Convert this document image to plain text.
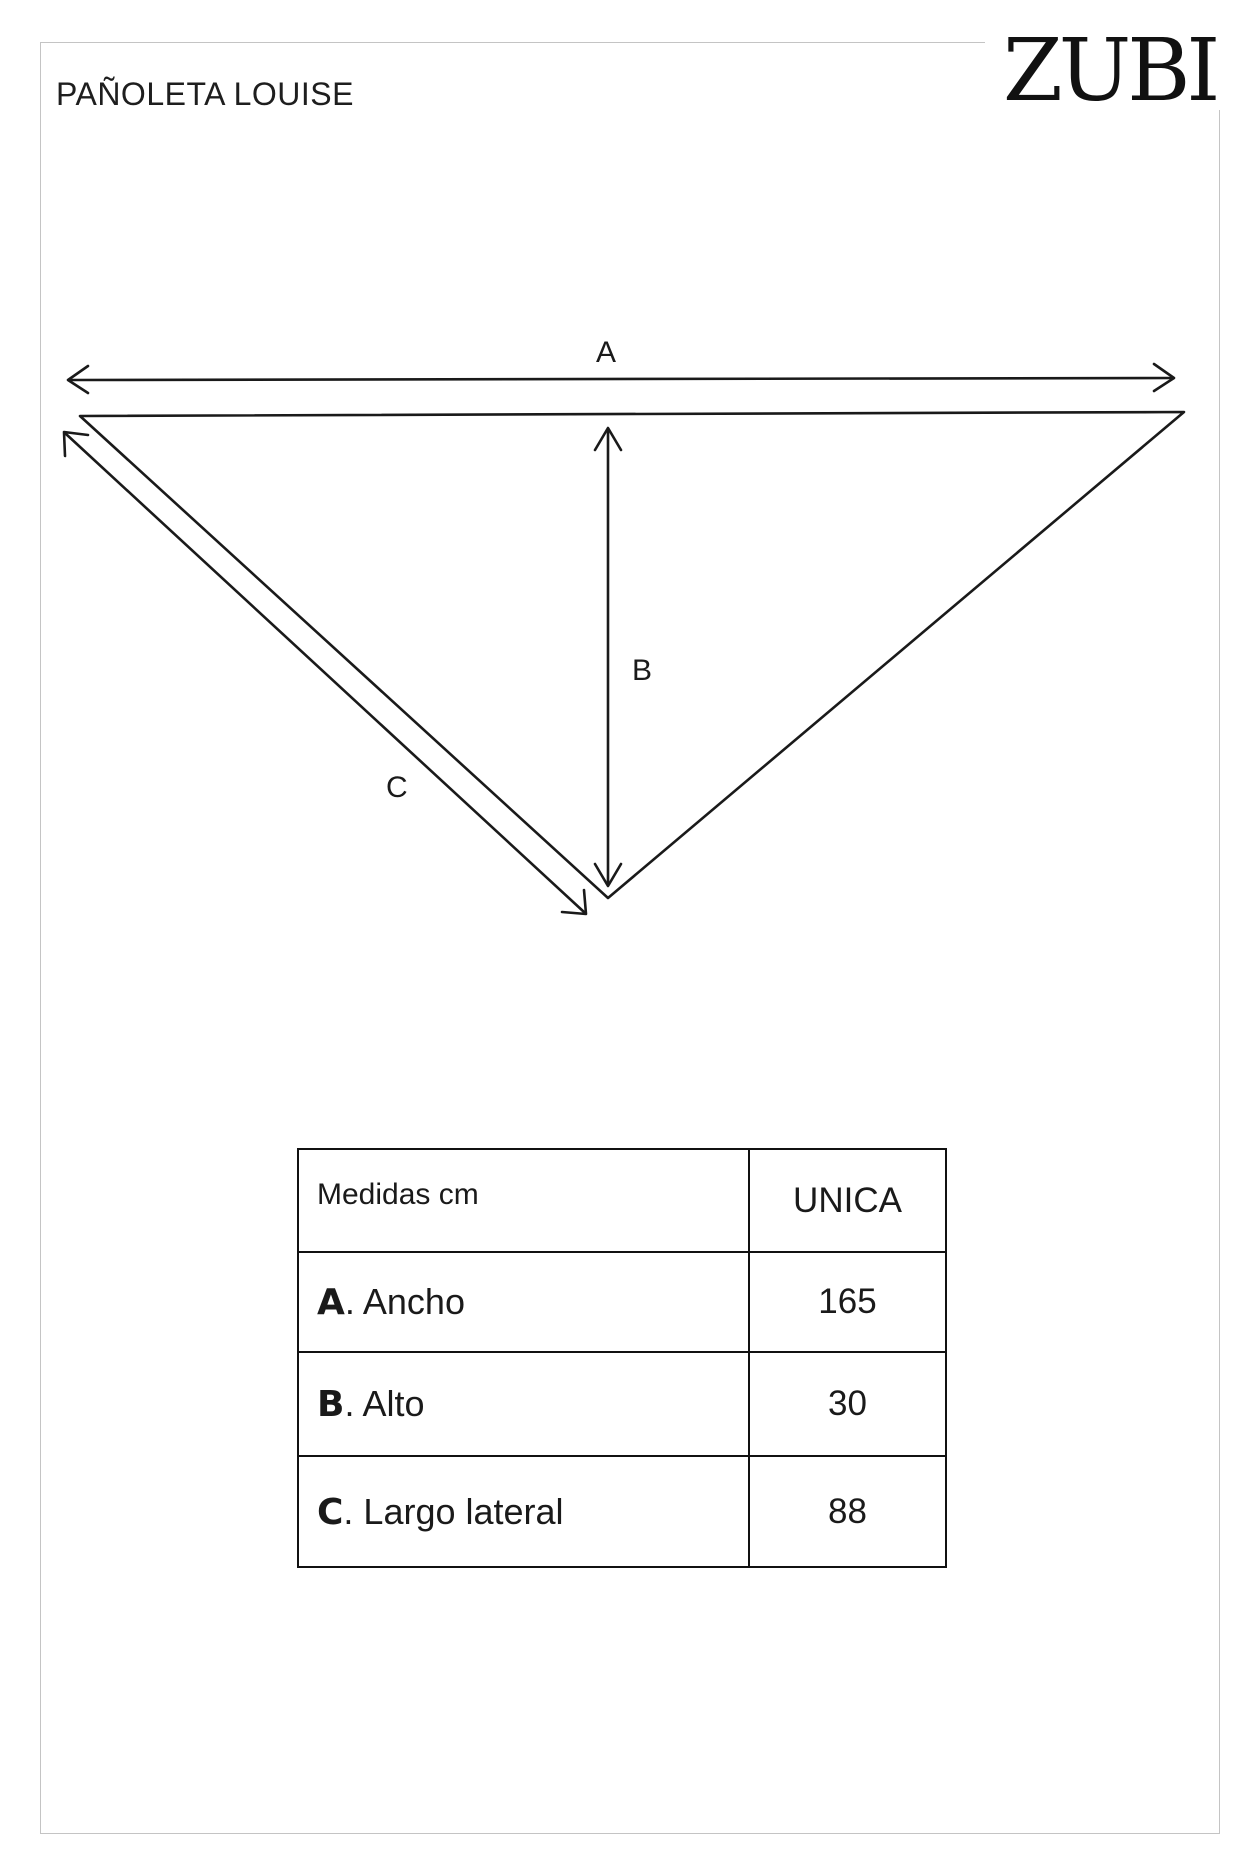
ZUBI
PAÑOLETA LOUISE
A
B
C
Medidas cm	UNICA
A. Ancho	165
B. Alto	30
C. Largo lateral	88
